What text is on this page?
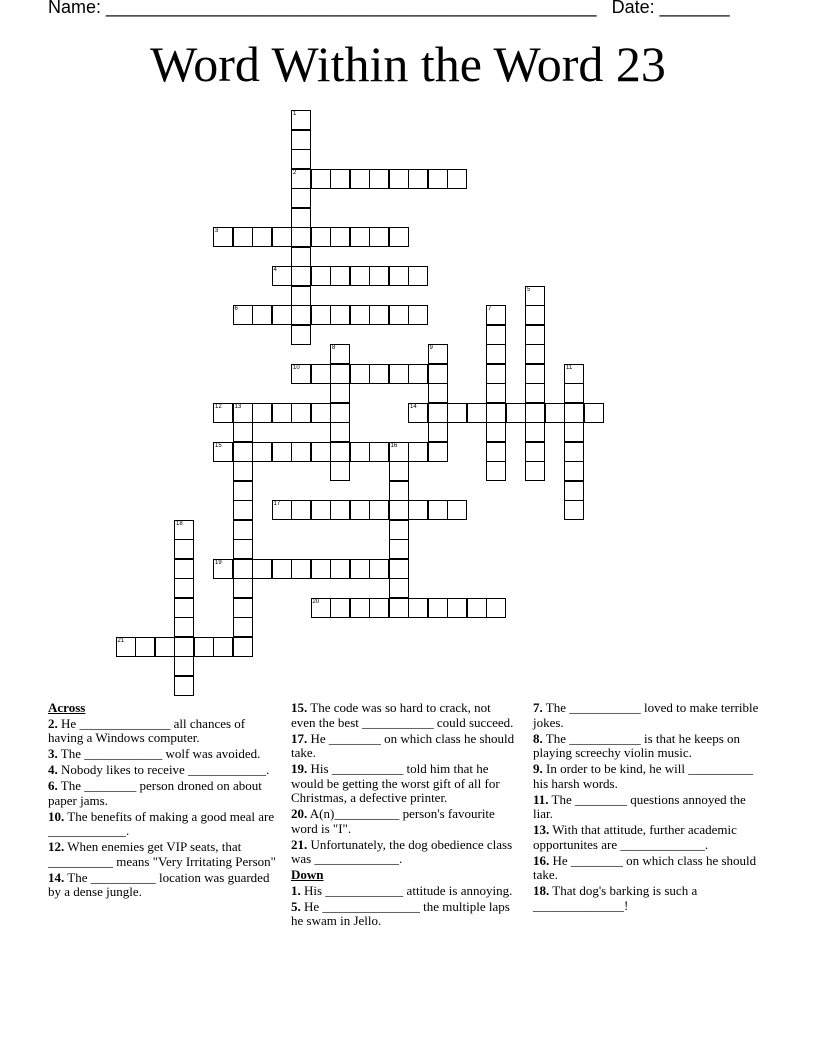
Name: _________________________________________________   Date: _______
Word Within the Word 23
1
2
3
4
5
6	7
8	9
10	11
12 13	14
15	16
17
18
19
20
21
Across
2. He ______________ all chances of having a Windows computer.
3. The ____________ wolf was avoided.
4. Nobody likes to receive ____________.
6. The ________ person droned on about paper jams.
10. The benefits of making a good meal are ____________.
12. When enemies get VIP seats, that __________ means "Very Irritating Person"
14. The __________ location was guarded by a dense jungle.
15. The code was so hard to crack, not even the best ___________ could succeed.
17. He ________ on which class he should take.
19. His ___________ told him that he would be getting the worst gift of all for Christmas, a defective printer.
20. A(n)__________ person's favourite word is "I".
21. Unfortunately, the dog obedience class was _____________.
Down
1. His ____________ attitude is annoying.
5. He _______________ the multiple laps he swam in Jello.
7. The ___________ loved to make terrible jokes.
8. The ___________ is that he keeps on playing screechy violin music.
9. In order to be kind, he will __________ his harsh words.
11. The ________ questions annoyed the liar.
13. With that attitude, further academic opportunites are _____________.
16. He ________ on which class he should take.
18. That dog's barking is such a ______________!
